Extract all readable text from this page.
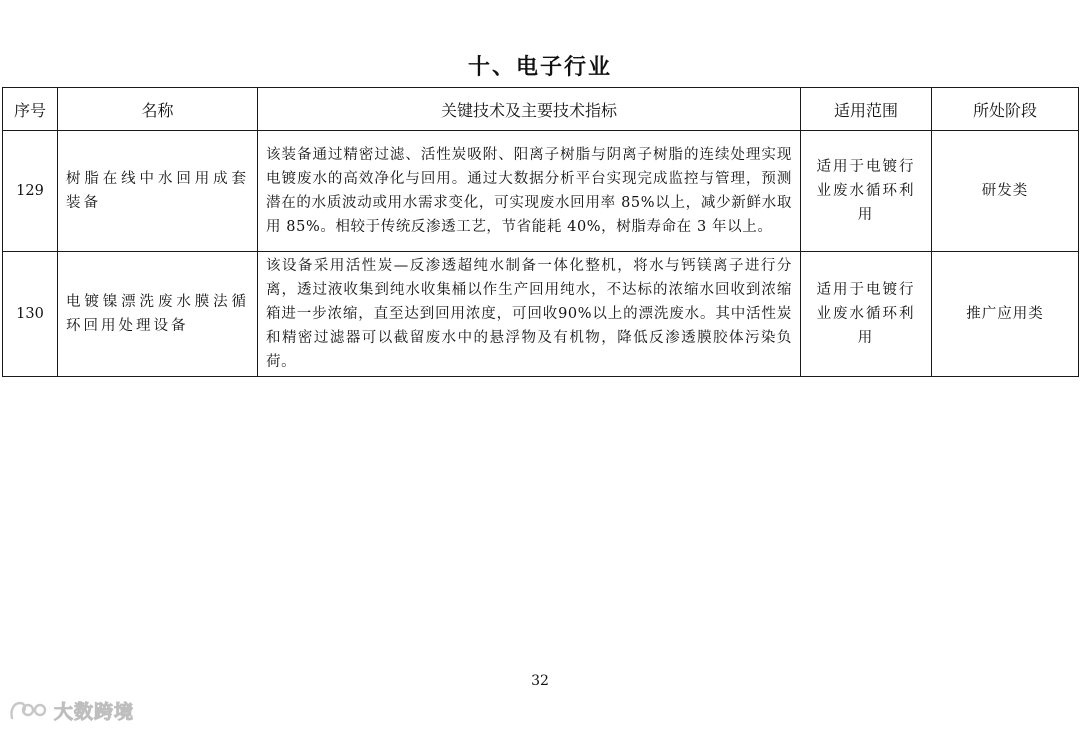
十、电子行业
序号	名称	关键技术及主要技术指标	适用范围	所处阶段
129	树脂在线中水回用成套装备	该装备通过精密过滤、活性炭吸附、阳离子树脂与阴离子树脂的连续处理实现电镀废水的高效净化与回用。通过大数据分析平台实现完成监控与管理，预测潜在的水质波动或用水需求变化，可实现废水回用率 85%以上，减少新鲜水取用 85%。相较于传统反渗透工艺，节省能耗 40%，树脂寿命在 3 年以上。	适用于电镀行业废水循环利用	研发类
130	电镀镍漂洗废水膜法循环回用处理设备	该设备采用活性炭—反渗透超纯水制备一体化整机，将水与钙镁离子进行分离，透过液收集到纯水收集桶以作生产回用纯水，不达标的浓缩水回收到浓缩箱进一步浓缩，直至达到回用浓度，可回收90%以上的漂洗废水。其中活性炭和精密过滤器可以截留废水中的悬浮物及有机物，降低反渗透膜胶体污染负荷。	适用于电镀行业废水循环利用	推广应用类
32
大数跨境
